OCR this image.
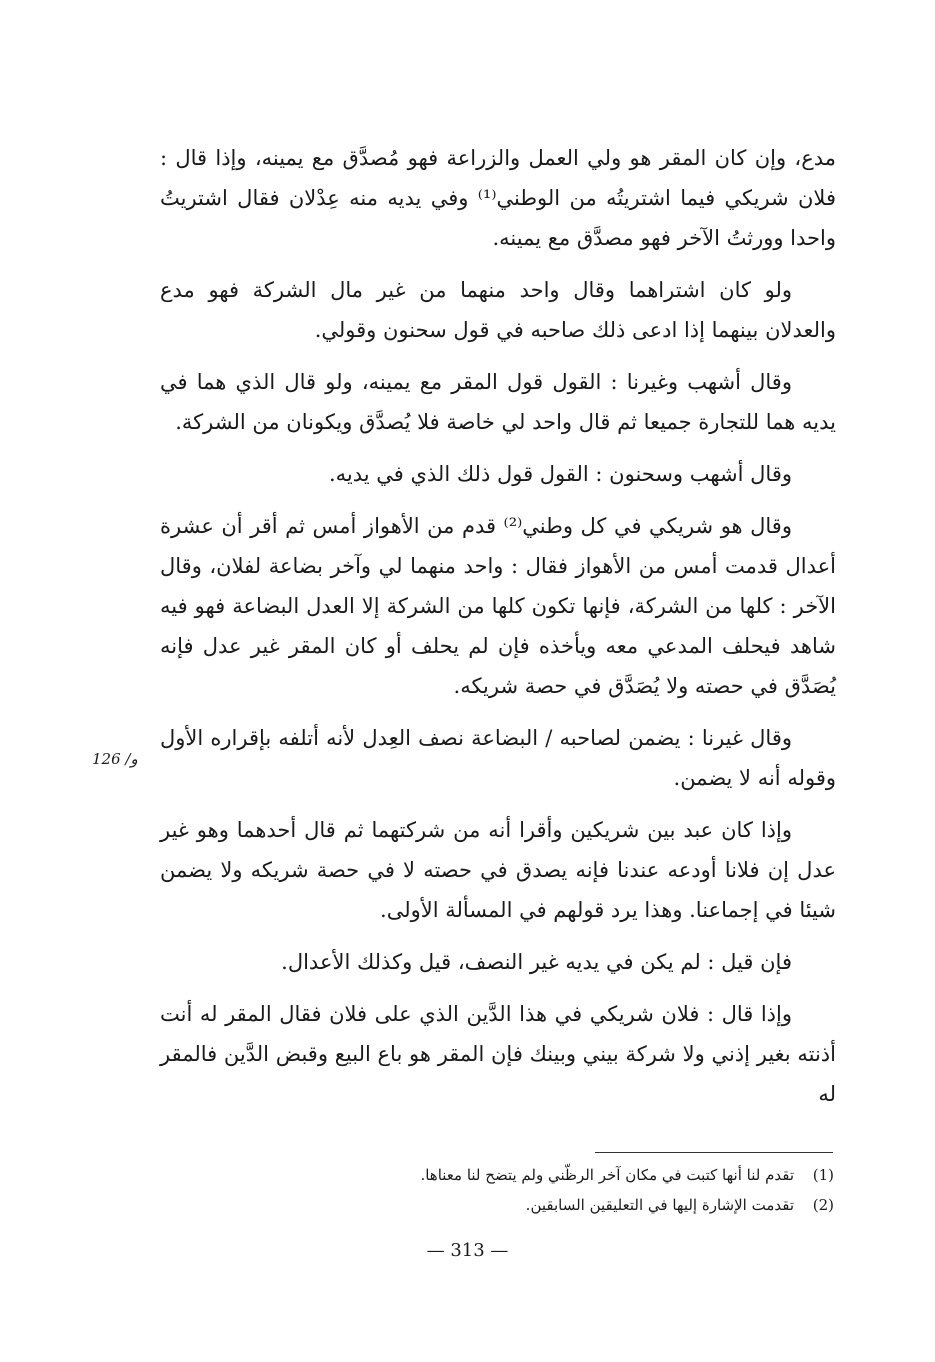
مدع، وإن كان المقر هو ولي العمل والزراعة فهو مُصدَّق مع يمينه، وإذا قال : فلان شريكي فيما اشتريتُه من الوطني⁽¹⁾ وفي يديه منه عِدْلان فقال اشتريتُ واحدا وورثتُ الآخر فهو مصدَّق مع يمينه.

ولو كان اشتراهما وقال واحد منهما من غير مال الشركة فهو مدع والعدلان بينهما إذا ادعى ذلك صاحبه في قول سحنون وقولي.

وقال أشهب وغيرنا : القول قول المقر مع يمينه، ولو قال الذي هما في يديه هما للتجارة جميعا ثم قال واحد لي خاصة فلا يُصدَّق ويكونان من الشركة.

وقال أشهب وسحنون : القول قول ذلك الذي في يديه.

وقال هو شريكي في كل وطني⁽²⁾ قدم من الأهواز أمس ثم أقر أن عشرة أعدال قدمت أمس من الأهواز فقال : واحد منهما لي وآخر بضاعة لفلان، وقال الآخر : كلها من الشركة، فإنها تكون كلها من الشركة إلا العدل البضاعة فهو فيه شاهد فيحلف المدعي معه ويأخذه فإن لم يحلف أو كان المقر غير عدل فإنه يُصَدَّق في حصته ولا يُصَدَّق في حصة شريكه.

وقال غيرنا : يضمن لصاحبه / البضاعة نصف العِدل لأنه أتلفه بإقراره الأول وقوله أنه لا يضمن.

وإذا كان عبد بين شريكين وأقرا أنه من شركتهما ثم قال أحدهما وهو غير عدل إن فلانا أودعه عندنا فإنه يصدق في حصته لا في حصة شريكه ولا يضمن شيئا في إجماعنا. وهذا يرد قولهم في المسألة الأولى.

فإن قيل : لم يكن في يديه غير النصف، قيل وكذلك الأعدال.

وإذا قال : فلان شريكي في هذا الدَّين الذي على فلان فقال المقر له أنت أذنته بغير إذني ولا شركة بيني وبينك فإن المقر هو باع البيع وقبض الدَّين فالمقر له

126 /و
(1)
تقدم لنا أنها كتبت في مكان آخر الرظّني ولم يتضح لنا معناها.
(2)
تقدمت الإشارة إليها في التعليقين السابقين.
— 313 —
